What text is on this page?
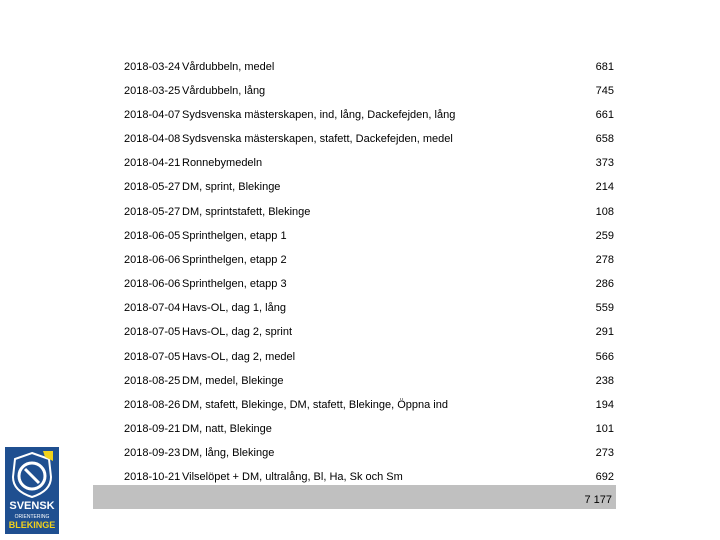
2018-03-24 Vårdubbeln, medel	681
2018-03-25 Vårdubbeln, lång	745
2018-04-07 Sydsvenska mästerskapen, ind, lång, Dackefejden, lång	661
2018-04-08 Sydsvenska mästerskapen, stafett, Dackefejden, medel	658
2018-04-21 Ronnebymedeln	373
2018-05-27 DM, sprint, Blekinge	214
2018-05-27 DM, sprintstafett, Blekinge	108
2018-06-05 Sprinthelgen, etapp 1	259
2018-06-06 Sprinthelgen, etapp 2	278
2018-06-06 Sprinthelgen, etapp 3	286
2018-07-04 Havs-OL, dag 1, lång	559
2018-07-05 Havs-OL, dag 2, sprint	291
2018-07-05 Havs-OL, dag 2, medel	566
2018-08-25 DM, medel, Blekinge	238
2018-08-26 DM, stafett, Blekinge, DM, stafett, Blekinge, Öppna ind	194
2018-09-21 DM, natt, Blekinge	101
2018-09-23 DM, lång, Blekinge	273
2018-10-21 Vilselöpet + DM, ultralång, Bl, Ha, Sk och Sm	692
7 177
SVENSK
ORIENTERING
BLEKINGE
